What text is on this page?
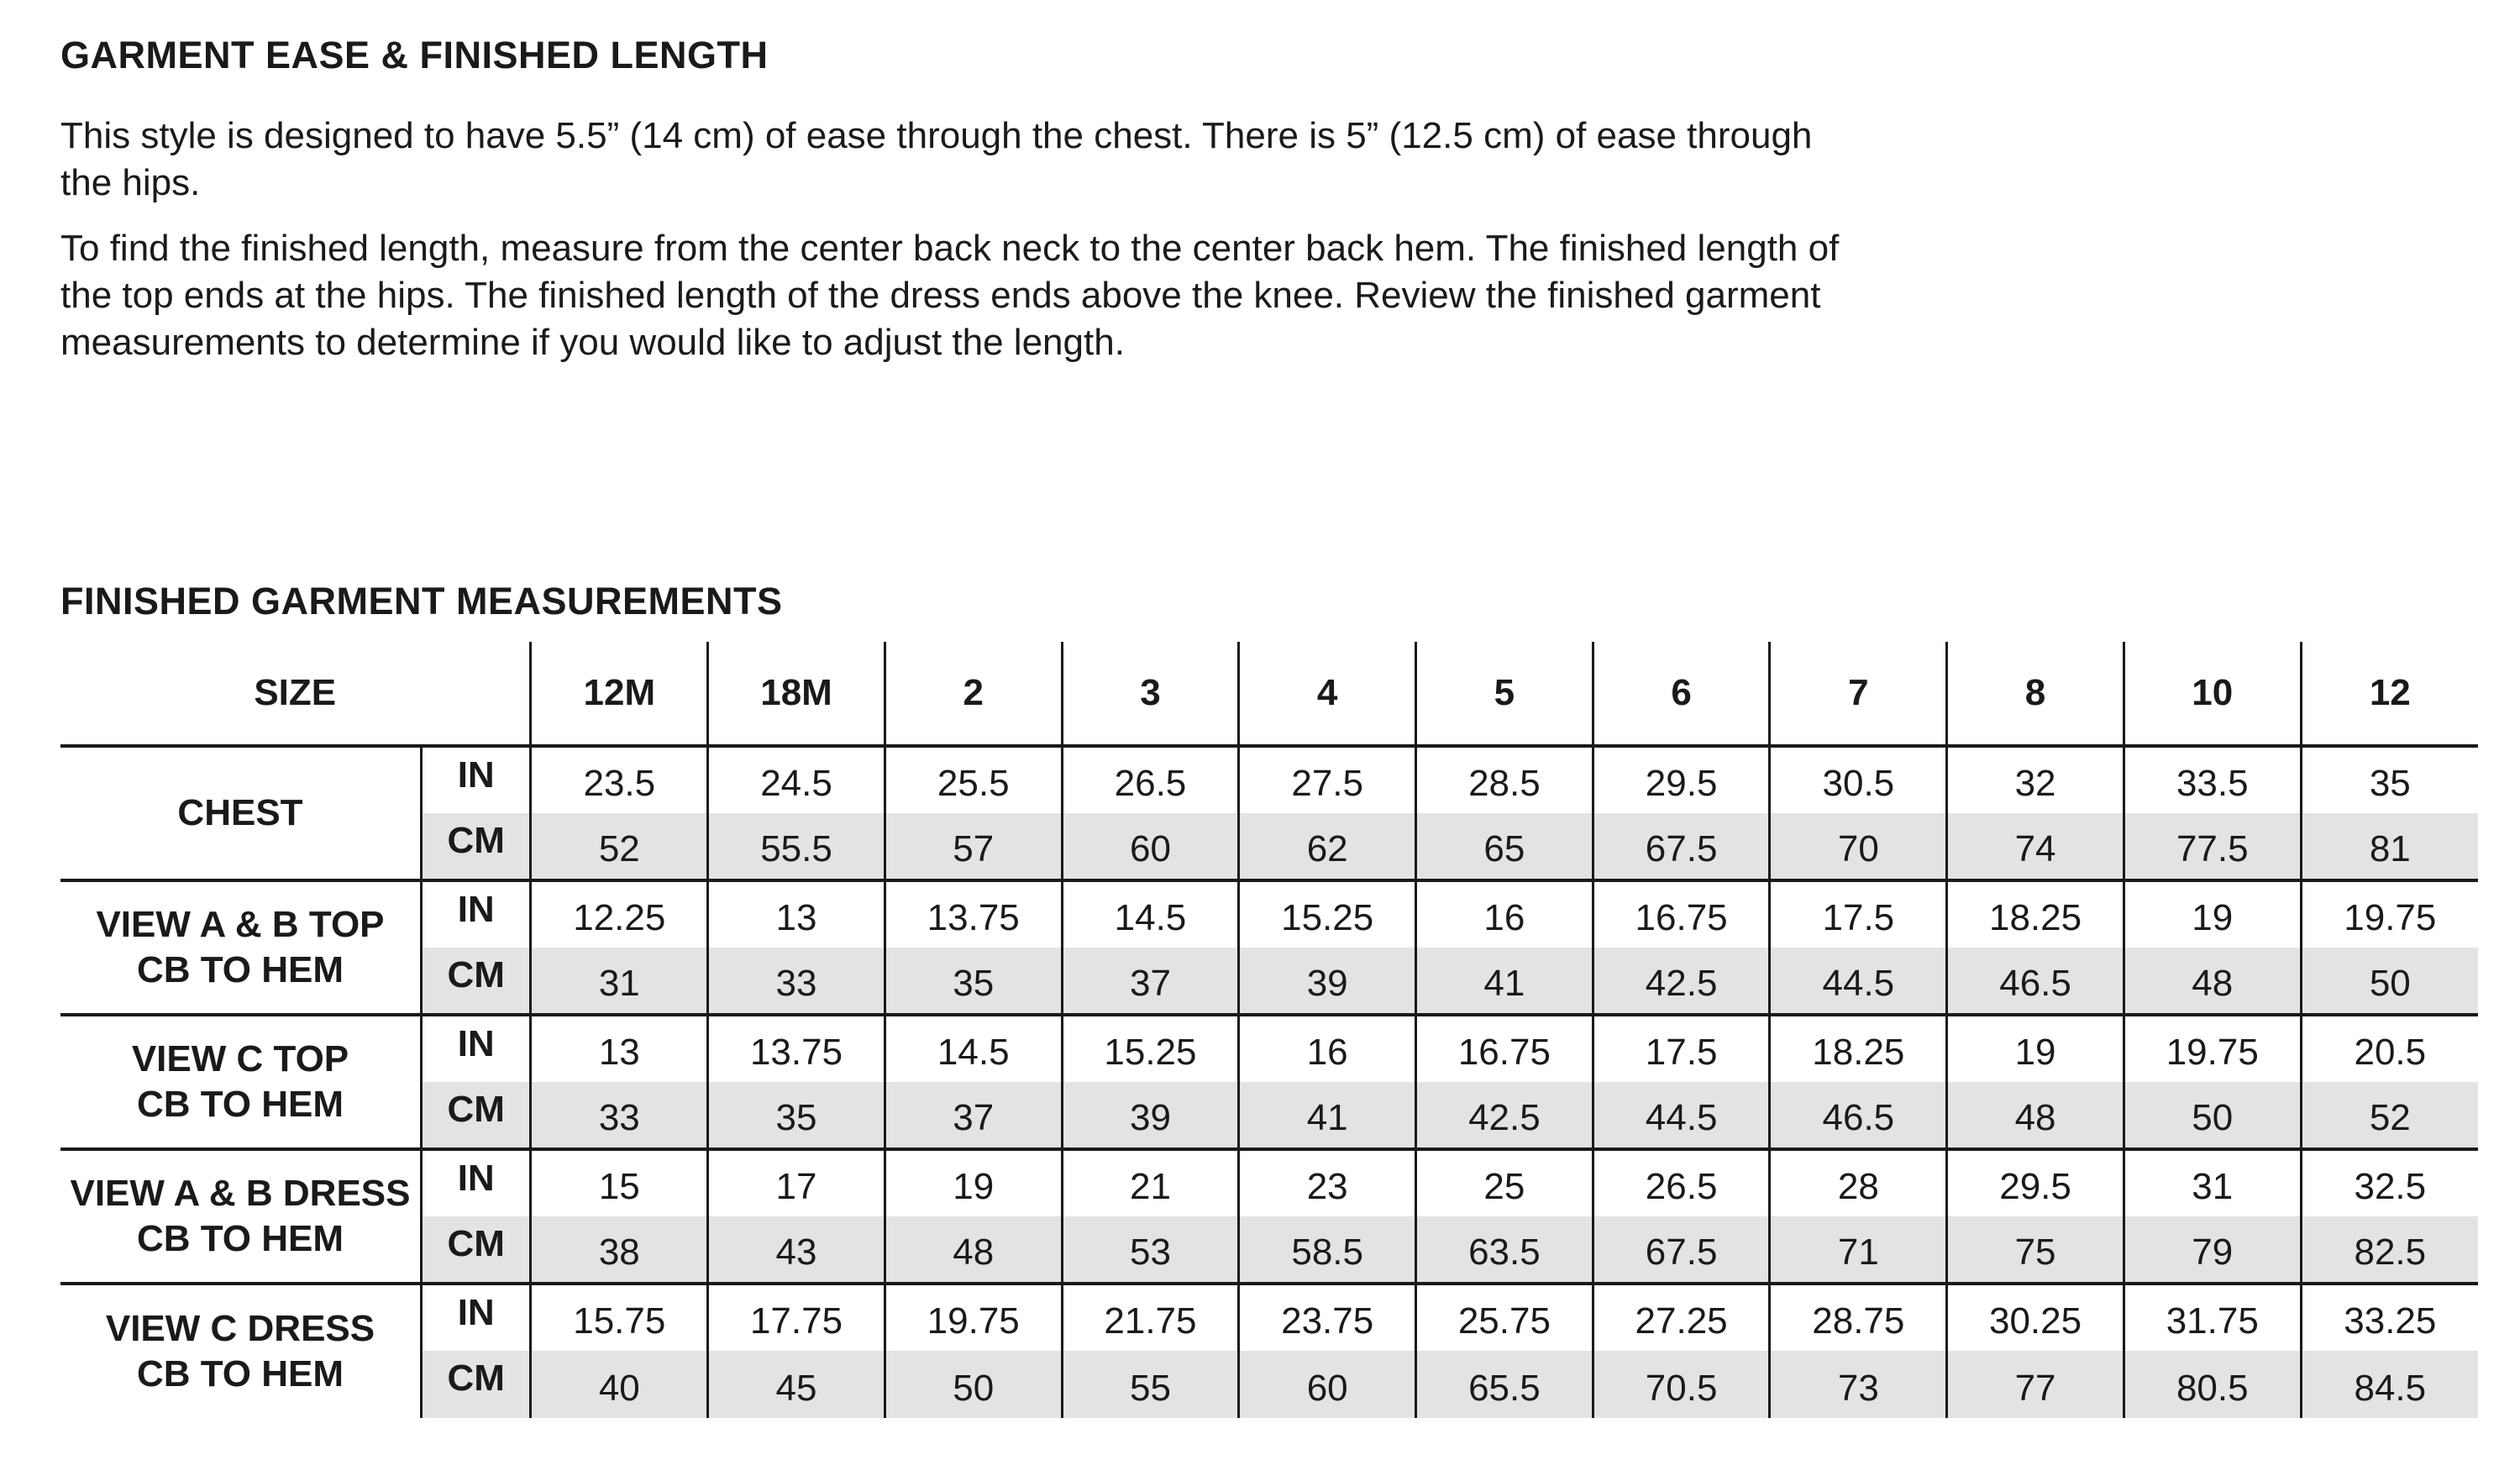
GARMENT EASE & FINISHED LENGTH

This style is designed to have 5.5” (14 cm) of ease through the chest. There is 5” (12.5 cm) of ease through the hips.

To find the finished length, measure from the center back neck to the center back hem. The finished length of the top ends at the hips. The finished length of the dress ends above the knee. Review the finished garment measurements to determine if you would like to adjust the length.

FINISHED GARMENT MEASUREMENTS
SIZE		12M	18M	2	3	4	5	6	7	8	10	12

CHEST	IN	23.5	24.5	25.5	26.5	27.5	28.5	29.5	30.5	32	33.5	35
	CM	52	55.5	57	60	62	65	67.5	70	74	77.5	81

VIEW A & B TOP
CB TO HEM	IN	12.25	13	13.75	14.5	15.25	16	16.75	17.5	18.25	19	19.75
	CM	31	33	35	37	39	41	42.5	44.5	46.5	48	50

VIEW C TOP
CB TO HEM	IN	13	13.75	14.5	15.25	16	16.75	17.5	18.25	19	19.75	20.5
	CM	33	35	37	39	41	42.5	44.5	46.5	48	50	52

VIEW A & B DRESS
CB TO HEM	IN	15	17	19	21	23	25	26.5	28	29.5	31	32.5
	CM	38	43	48	53	58.5	63.5	67.5	71	75	79	82.5

VIEW C DRESS
CB TO HEM	IN	15.75	17.75	19.75	21.75	23.75	25.75	27.25	28.75	30.25	31.75	33.25
	CM	40	45	50	55	60	65.5	70.5	73	77	80.5	84.5
